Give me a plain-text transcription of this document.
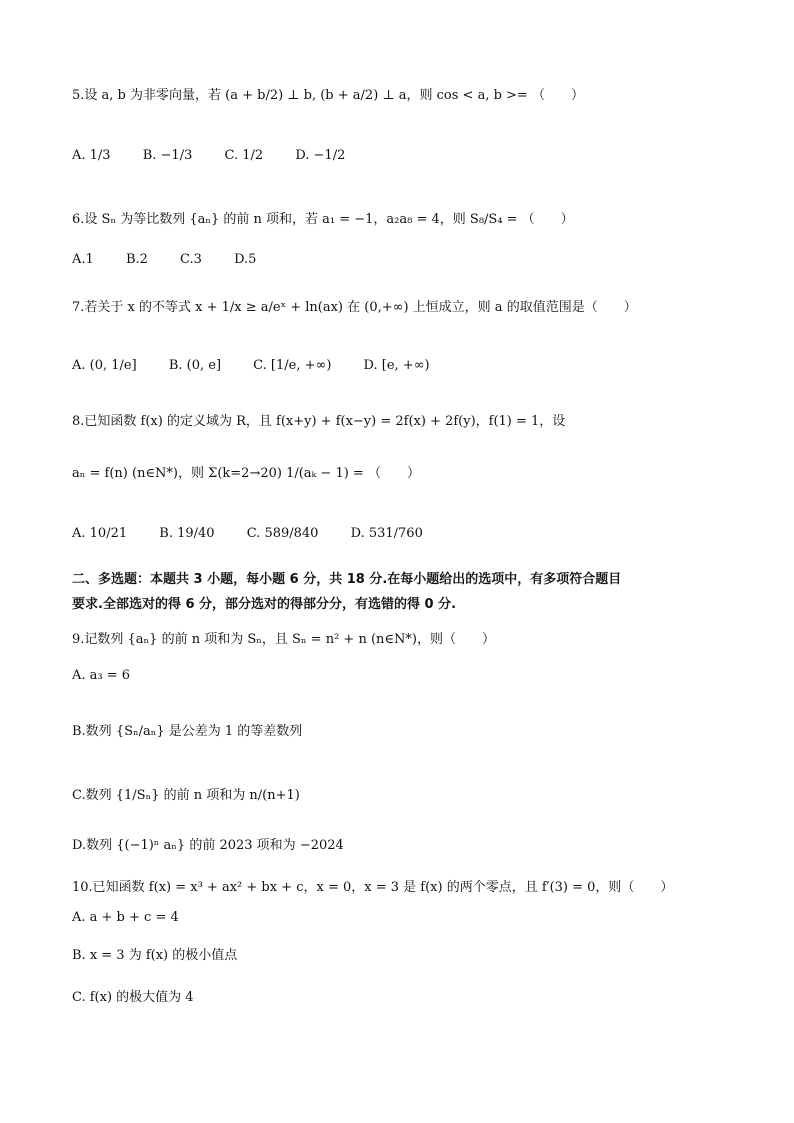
5.设 a, b 为非零向量，若 (a + b/2) ⊥ b, (b + a/2) ⊥ a，则 cos < a, b >= （　　）
A. 1/3 B. −1/3 C. 1/2 D. −1/2
6.设 Sₙ 为等比数列 {aₙ} 的前 n 项和，若 a₁ = −1，a₂a₈ = 4，则 S₈/S₄ = （　　）
A.1 B.2 C.3 D.5
7.若关于 x 的不等式 x + 1/x ≥ a/eˣ + ln(ax) 在 (0,+∞) 上恒成立，则 a 的取值范围是（　　）
A. (0, 1/e] B. (0, e] C. [1/e, +∞) D. [e, +∞)
8.已知函数 f(x) 的定义域为 R，且 f(x+y) + f(x−y) = 2f(x) + 2f(y)，f(1) = 1，设
aₙ = f(n) (n∈N*)，则 Σ(k=2→20) 1/(aₖ − 1) = （　　）
A. 10/21 B. 19/40 C. 589/840 D. 531/760
二、多选题：本题共 3 小题，每小题 6 分，共 18 分.在每小题给出的选项中，有多项符合题目
要求.全部选对的得 6 分，部分选对的得部分分，有选错的得 0 分.
9.记数列 {aₙ} 的前 n 项和为 Sₙ，且 Sₙ = n² + n (n∈N*)，则（　　）
A. a₃ = 6
B.数列 {Sₙ/aₙ} 是公差为 1 的等差数列
C.数列 {1/Sₙ} 的前 n 项和为 n/(n+1)
D.数列 {(−1)ⁿ aₙ} 的前 2023 项和为 −2024
10.已知函数 f(x) = x³ + ax² + bx + c，x = 0，x = 3 是 f(x) 的两个零点，且 f′(3) = 0，则（　　）
A. a + b + c = 4
B. x = 3 为 f(x) 的极小值点
C. f(x) 的极大值为 4
